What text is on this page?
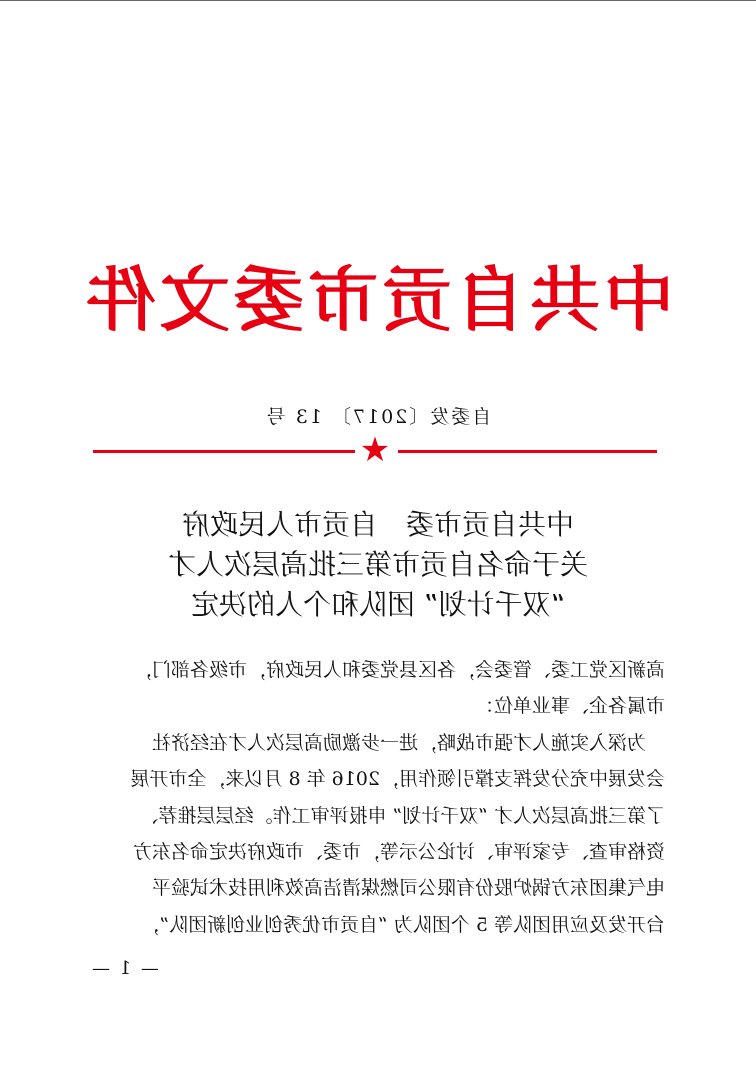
中共自贡市委文件
自委发〔2017〕 13 号
★
中共自贡市委　自贡市人民政府
关于命名自贡市第三批高层次人才
“双千计划” 团队和个人的决定
高新区党工委、管委会，各区县党委和人民政府，市级各部门，
市属各企、事业单位：
　为深入实施人才强市战略，进一步激励高层次人才在经济社
会发展中充分发挥支撑引领作用，2016 年 8 月以来，全市开展
了第三批高层次人才 “双千计划” 申报评审工作。经层层推荐、
资格审查、专家评审、讨论公示等，市委、市政府决定命名东方
电气集团东方锅炉股份有限公司燃煤清洁高效利用技术试验平
台开发及应用团队等 5 个团队为 “自贡市优秀创业创新团队”，
— 1 —
